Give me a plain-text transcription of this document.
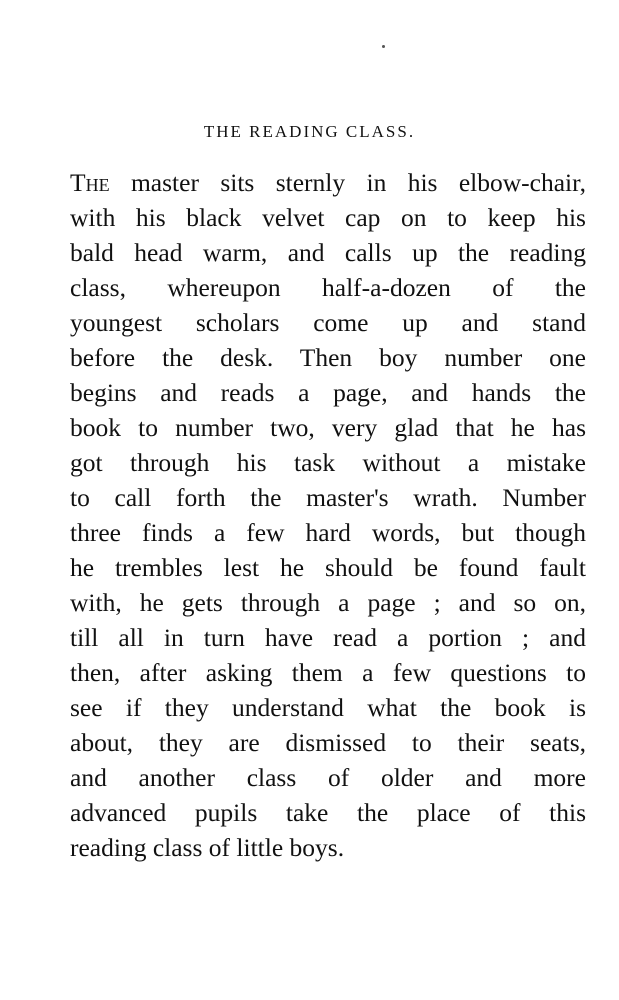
THE READING CLASS.
The master sits sternly in his elbow-chair,
with his black velvet cap on to keep his
bald head warm, and calls up the reading
class, whereupon half-a-dozen of the
youngest scholars come up and stand
before the desk. Then boy number one
begins and reads a page, and hands the
book to number two, very glad that he has
got through his task without a mistake
to call forth the master's wrath. Number
three finds a few hard words, but though
he trembles lest he should be found fault
with, he gets through a page ; and so on,
till all in turn have read a portion ; and
then, after asking them a few questions to
see if they understand what the book is
about, they are dismissed to their seats,
and another class of older and more
advanced pupils take the place of this
reading class of little boys.
